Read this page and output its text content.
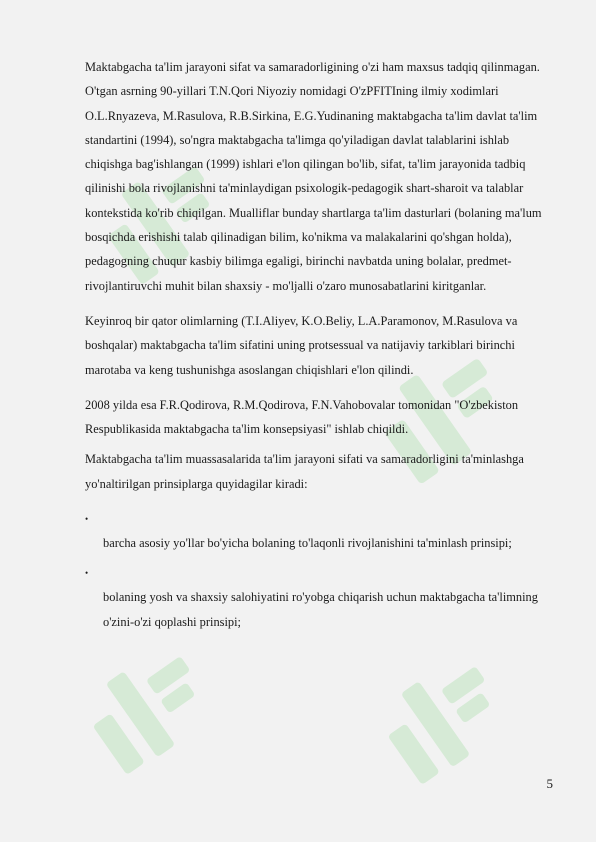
Maktabgacha ta'lim jarayoni sifat va samaradorligining o'zi ham maxsus tadqiq qilinmagan. O'tgan asrning 90-yillari T.N.Qori Niyoziy nomidagi O'zPFITIning ilmiy xodimlari O.L.Rnyazeva, M.Rasulova, R.B.Sirkina, E.G.Yudinaning maktabgacha ta'lim davlat ta'lim standartini (1994), so'ngra maktabgacha ta'limga qo'yiladigan davlat talablarini ishlab chiqishga bag'ishlangan (1999) ishlari e'lon qilingan bo'lib, sifat, ta'lim jarayonida tadbiq qilinishi bola rivojlanishni ta'minlaydigan psixologik-pedagogik shart-sharoit va talablar kontekstida ko'rib chiqilgan. Mualliflar bunday shartlarga ta'lim dasturlari (bolaning ma'lum bosqichda erishishi talab qilinadigan bilim, ko'nikma va malakalarini qo'shgan holda), pedagogning chuqur kasbiy bilimga egaligi, birinchi navbatda uning bolalar, predmet-rivojlantiruvchi muhit bilan shaxsiy - mo'ljalli o'zaro munosabatlarini kiritganlar.

Keyinroq bir qator olimlarning (T.I.Aliyev, K.O.Beliy, L.A.Paramonov, M.Rasulova va boshqalar) maktabgacha ta'lim sifatini uning protsessual va natijaviy tarkiblari birinchi marotaba va keng tushunishga asoslangan chiqishlari e'lon qilindi.

2008 yilda esa F.R.Qodirova, R.M.Qodirova, F.N.Vahobovalar tomonidan "O'zbekiston Respublikasida maktabgacha ta'lim konsepsiyasi" ishlab chiqildi.

Maktabgacha ta'lim muassasalarida ta'lim jarayoni sifati va samaradorligini ta'minlashga yo'naltirilgan prinsiplarga quyidagilar kiradi:

•
barcha asosiy yo'llar bo'yicha bolaning to'laqonli rivojlanishini ta'minlash prinsipi;
•
bolaning yosh va shaxsiy salohiyatini ro'yobga chiqarish uchun maktabgacha ta'limning o'zini-o'zi qoplashi prinsipi;
5
